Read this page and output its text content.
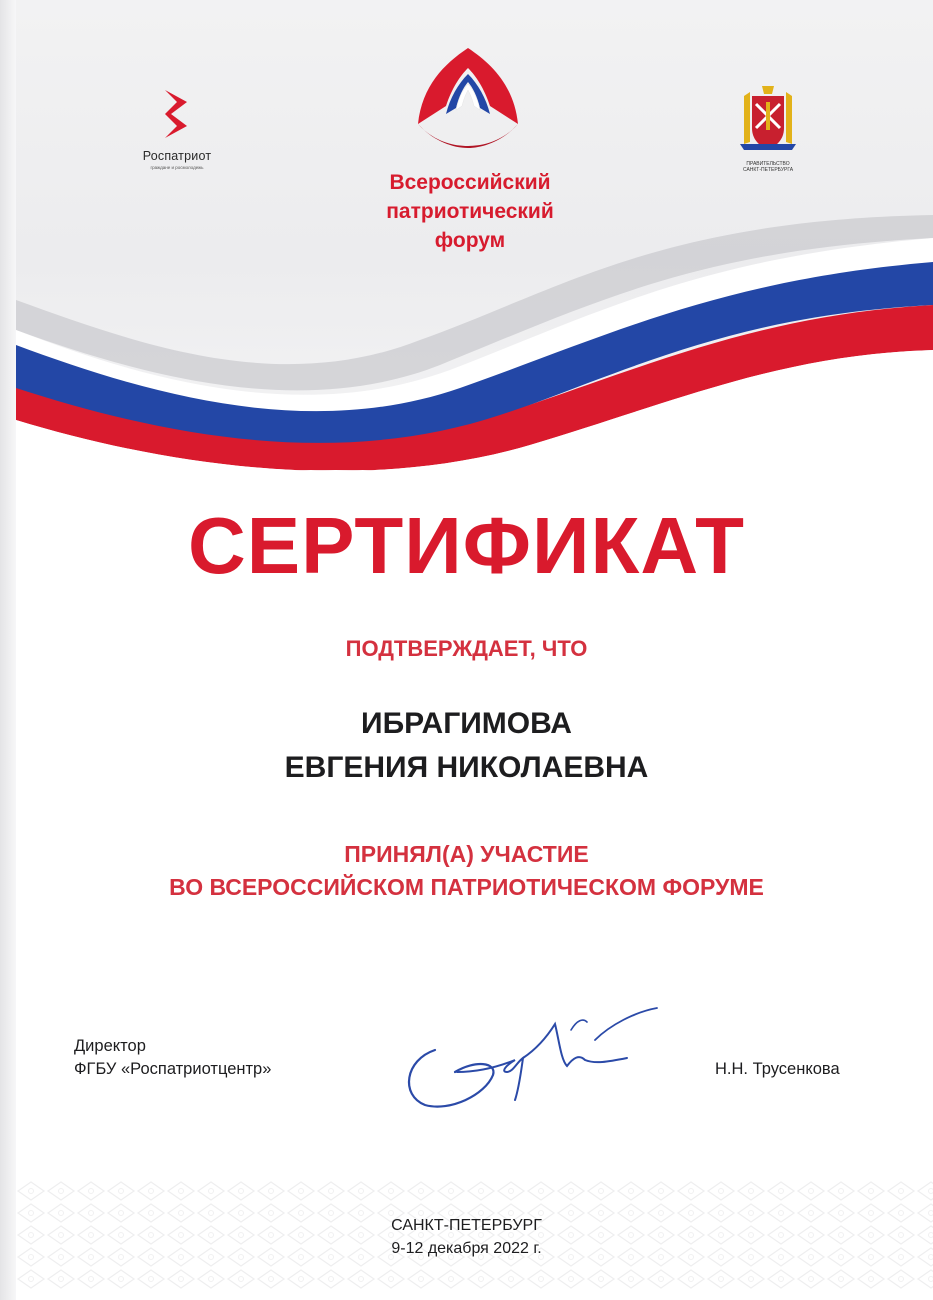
Роспатриот
граждане и росмолодежь
Всероссийский
патриотический
форум
ПРАВИТЕЛЬСТВО
САНКТ-ПЕТЕРБУРГА
СЕРТИФИКАТ
ПОДТВЕРЖДАЕТ, ЧТО
ИБРАГИМОВА
ЕВГЕНИЯ НИКОЛАЕВНА
ПРИНЯЛ(А) УЧАСТИЕ
ВО ВСЕРОССИЙСКОМ ПАТРИОТИЧЕСКОМ ФОРУМЕ
Директор
ФГБУ «Роспатриотцентр»	Н.Н. Трусенкова
САНКТ-ПЕТЕРБУРГ
9-12 декабря 2022 г.
